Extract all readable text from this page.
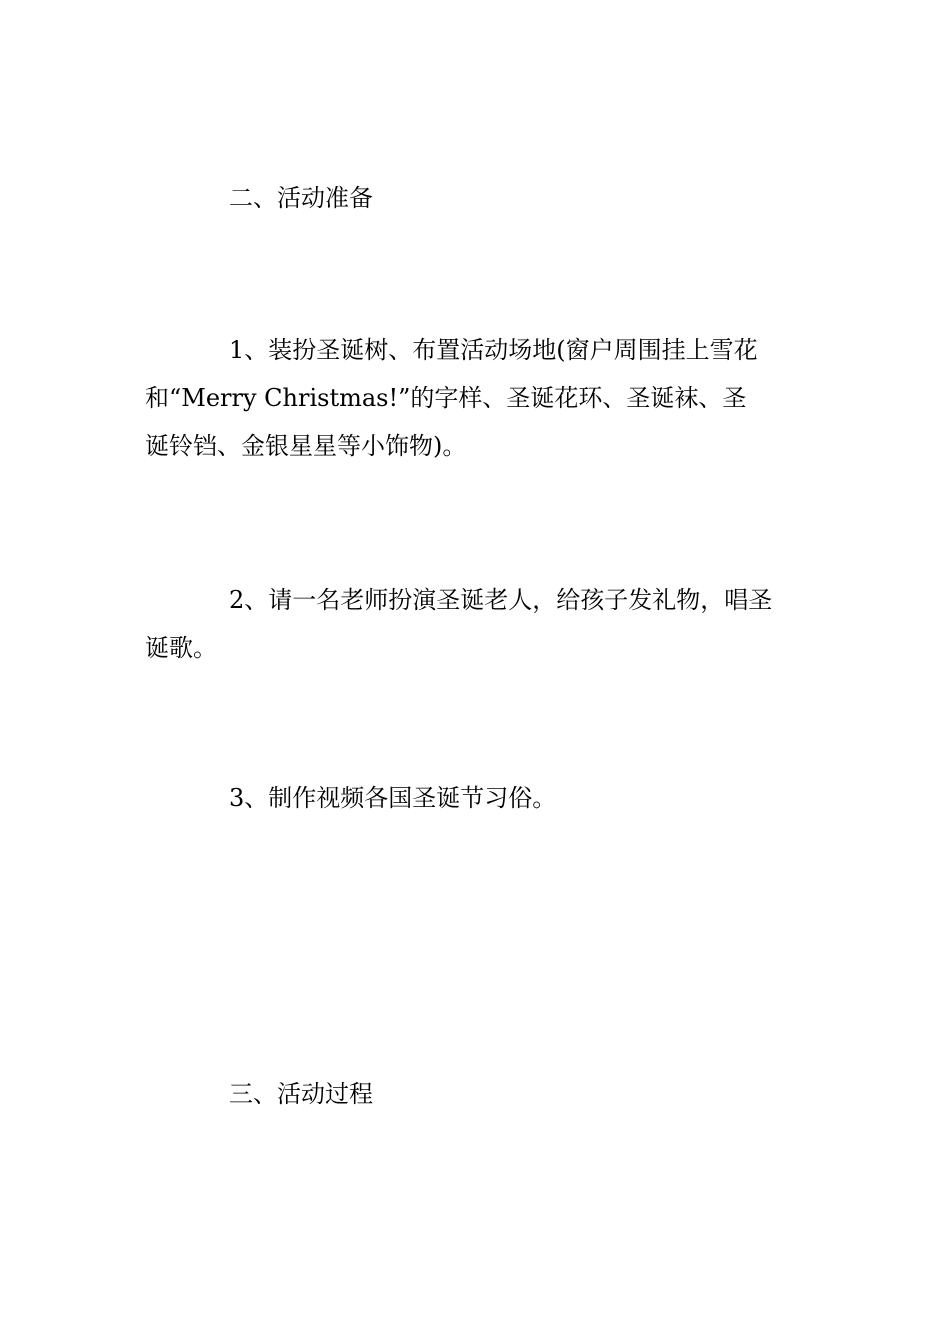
二、活动准备
1、装扮圣诞树、布置活动场地(窗户周围挂上雪花
和“Merry Christmas!”的字样、圣诞花环、圣诞袜、圣
诞铃铛、金银星星等小饰物)。
2、请一名老师扮演圣诞老人，给孩子发礼物，唱圣
诞歌。
3、制作视频各国圣诞节习俗。
三、活动过程
